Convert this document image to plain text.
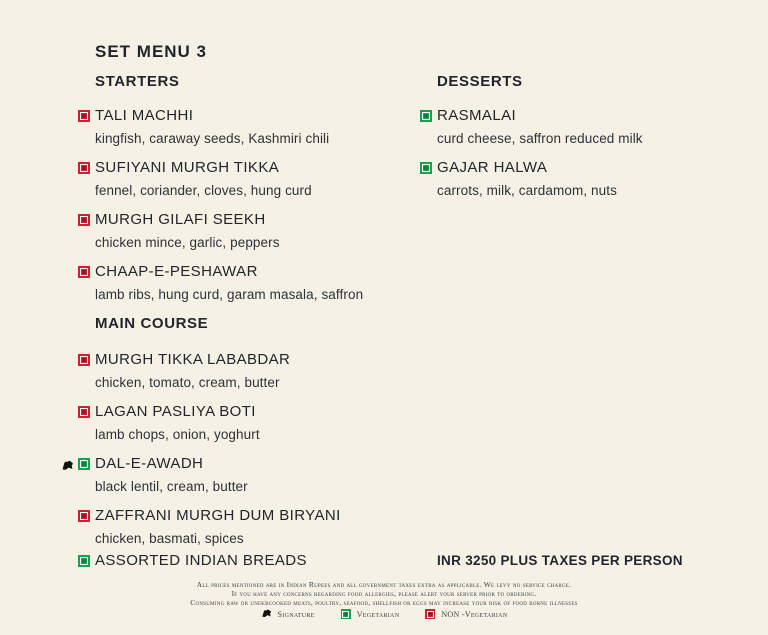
SET MENU 3
STARTERS
TALI MACHHI
kingfish, caraway seeds, Kashmiri chili
SUFIYANI MURGH TIKKA
fennel, coriander, cloves, hung curd
MURGH GILAFI SEEKH
chicken mince, garlic, peppers
CHAAP-E-PESHAWAR
lamb ribs, hung curd, garam masala, saffron
MAIN COURSE
MURGH TIKKA LABABDAR
chicken, tomato, cream, butter
LAGAN PASLIYA BOTI
lamb chops, onion, yoghurt
DAL-E-AWADH
black lentil, cream, butter
ZAFFRANI MURGH DUM BIRYANI
chicken, basmati, spices
ASSORTED INDIAN BREADS
DESSERTS
RASMALAI
curd cheese, saffron reduced milk
GAJAR HALWA
carrots, milk, cardamom, nuts
INR 3250 PLUS TAXES PER PERSON
All prices mentioned are in Indian Rupees and all government taxes extra as applicable. We levy no service charge.
If you have any concerns regarding food allergies, please alert your server prior to ordering.
Consuming raw or undercooked meats, poultry, seafood, shellfish or eggs may increase your risk of food borne illnesses
Signature	Vegetarian	NON -Vegetarian
